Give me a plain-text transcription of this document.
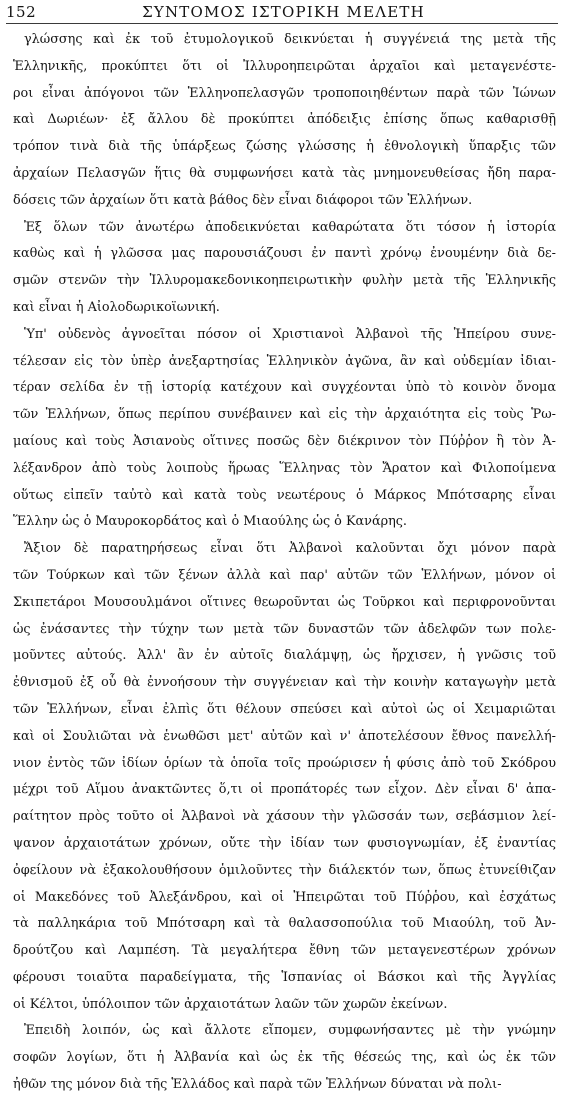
152	ΣΥΝΤΟΜΟΣ ΙΣΤΟΡΙΚΗ ΜΕΛΕΤΗ
γλώσσης καὶ ἐκ τοῦ ἐτυμολογικοῦ δεικνύεται ἡ συγγένειά της μετὰ τῆς
Ἑλληνικῆς, προκύπτει ὅτι οἱ Ἰλλυροηπειρῶται ἀρχαῖοι καὶ μεταγενέστε-
ροι εἶναι ἀπόγονοι τῶν Ἑλληνοπελασγῶν τροποποιηθέντων παρὰ τῶν Ἰώνων
καὶ Δωριέων· ἐξ ἄλλου δὲ προκύπτει ἀπόδειξις ἐπίσης ὅπως καθαρισθῇ
τρόπον τινὰ διὰ τῆς ὑπάρξεως ζώσης γλώσσης ἡ ἐθνολογικὴ ὕπαρξις τῶν
ἀρχαίων Πελασγῶν ἥτις θὰ συμφωνήσει κατὰ τὰς μνημονευθείσας ἤδη παρα-
δόσεις τῶν ἀρχαίων ὅτι κατὰ βάθος δὲν εἶναι διάφοροι τῶν Ἑλλήνων.
Ἐξ ὅλων τῶν ἀνωτέρω ἀποδεικνύεται καθαρώτατα ὅτι τόσον ἡ ἱστορία
καθὼς καὶ ἡ γλῶσσα μας παρουσιάζουσι ἐν παντὶ χρόνῳ ἐνουμένην διὰ δε-
σμῶν στενῶν τὴν Ἰλλυρομακεδονικοηπειρωτικὴν φυλὴν μετὰ τῆς Ἑλληνικῆς
καὶ εἶναι ἡ Αἰολοδωρικοϊωνική.
Ὑπ' οὐδενὸς ἀγνοεῖται πόσον οἱ Χριστιανοὶ Ἀλβανοὶ τῆς Ἠπείρου συνε-
τέλεσαν εἰς τὸν ὑπὲρ ἀνεξαρτησίας Ἑλληνικὸν ἀγῶνα, ἂν καὶ οὐδεμίαν ἰδιαι-
τέραν σελίδα ἐν τῇ ἱστορίᾳ κατέχουν καὶ συγχέονται ὑπὸ τὸ κοινὸν ὄνομα
τῶν Ἑλλήνων, ὅπως περίπου συνέβαινεν καὶ εἰς τὴν ἀρχαιότητα εἰς τοὺς Ῥω-
μαίους καὶ τοὺς Ἀσιανοὺς οἵτινες ποσῶς δὲν διέκρινον τὸν Πύῤῥον ἢ τὸν Ἀ-
λέξανδρον ἀπὸ τοὺς λοιποὺς ἥρωας Ἕλληνας τὸν Ἄρατον καὶ Φιλοποίμενα
οὕτως εἰπεῖν ταὐτὸ καὶ κατὰ τοὺς νεωτέρους ὁ Μάρκος Μπότσαρης εἶναι
Ἕλλην ὡς ὁ Μαυροκορδάτος καὶ ὁ Μιαούλης ὡς ὁ Κανάρης.
Ἄξιον δὲ παρατηρήσεως εἶναι ὅτι Ἀλβανοὶ καλοῦνται ὄχι μόνον παρὰ
τῶν Τούρκων καὶ τῶν ξένων ἀλλὰ καὶ παρ' αὐτῶν τῶν Ἑλλήνων, μόνον οἱ
Σκιπετάροι Μουσουλμάνοι οἵτινες θεωροῦνται ὡς Τοῦρκοι καὶ περιφρονοῦνται
ὡς ἐνάσαντες τὴν τύχην των μετὰ τῶν δυναστῶν τῶν ἀδελφῶν των πολε-
μοῦντες αὐτούς. Ἀλλ' ἂν ἐν αὐτοῖς διαλάμψῃ, ὡς ἤρχισεν, ἡ γνῶσις τοῦ
ἐθνισμοῦ ἐξ οὗ θὰ ἐννοήσουν τὴν συγγένειαν καὶ τὴν κοινὴν καταγωγὴν μετὰ
τῶν Ἑλλήνων, εἶναι ἐλπὶς ὅτι θέλουν σπεύσει καὶ αὐτοὶ ὡς οἱ Χειμαριῶται
καὶ οἱ Σουλιῶται νὰ ἑνωθῶσι μετ' αὐτῶν καὶ ν' ἀποτελέσουν ἔθνος πανελλή-
νιον ἐντὸς τῶν ἰδίων ὁρίων τὰ ὁποῖα τοῖς προώρισεν ἡ φύσις ἀπὸ τοῦ Σκόδρου
μέχρι τοῦ Αἵμου ἀνακτῶντες ὅ,τι οἱ προπάτορές των εἶχον. Δὲν εἶναι δ' ἀπα-
ραίτητον πρὸς τοῦτο οἱ Ἀλβανοὶ νὰ χάσουν τὴν γλῶσσάν των, σεβάσμιον λεί-
ψανον ἀρχαιοτάτων χρόνων, οὔτε τὴν ἰδίαν των φυσιογνωμίαν, ἐξ ἐναντίας
ὀφείλουν νὰ ἐξακολουθήσουν ὁμιλοῦντες τὴν διάλεκτόν των, ὅπως ἐτυνείθιζαν
οἱ Μακεδόνες τοῦ Ἀλεξάνδρου, καὶ οἱ Ἠπειρῶται τοῦ Πύῤῥου, καὶ ἐσχάτως
τὰ παλληκάρια τοῦ Μπότσαρη καὶ τὰ θαλασσοπούλια τοῦ Μιαούλη, τοῦ Ἀν-
δρούτζου καὶ Λαμπέση. Τὰ μεγαλήτερα ἔθνη τῶν μεταγενεστέρων χρόνων
φέρουσι τοιαῦτα παραδείγματα, τῆς Ἱσπανίας οἱ Βάσκοι καὶ τῆς Ἀγγλίας
οἱ Κέλτοι, ὑπόλοιπον τῶν ἀρχαιοτάτων λαῶν τῶν χωρῶν ἐκείνων.
Ἐπειδὴ λοιπόν, ὡς καὶ ἄλλοτε εἴπομεν, συμφωνήσαντες μὲ τὴν γνώμην
σοφῶν λογίων, ὅτι ἡ Ἀλβανία καὶ ὡς ἐκ τῆς θέσεώς της, καὶ ὡς ἐκ τῶν
ἠθῶν της μόνον διὰ τῆς Ἑλλάδος καὶ παρὰ τῶν Ἑλλήνων δύναται νὰ πολι-
